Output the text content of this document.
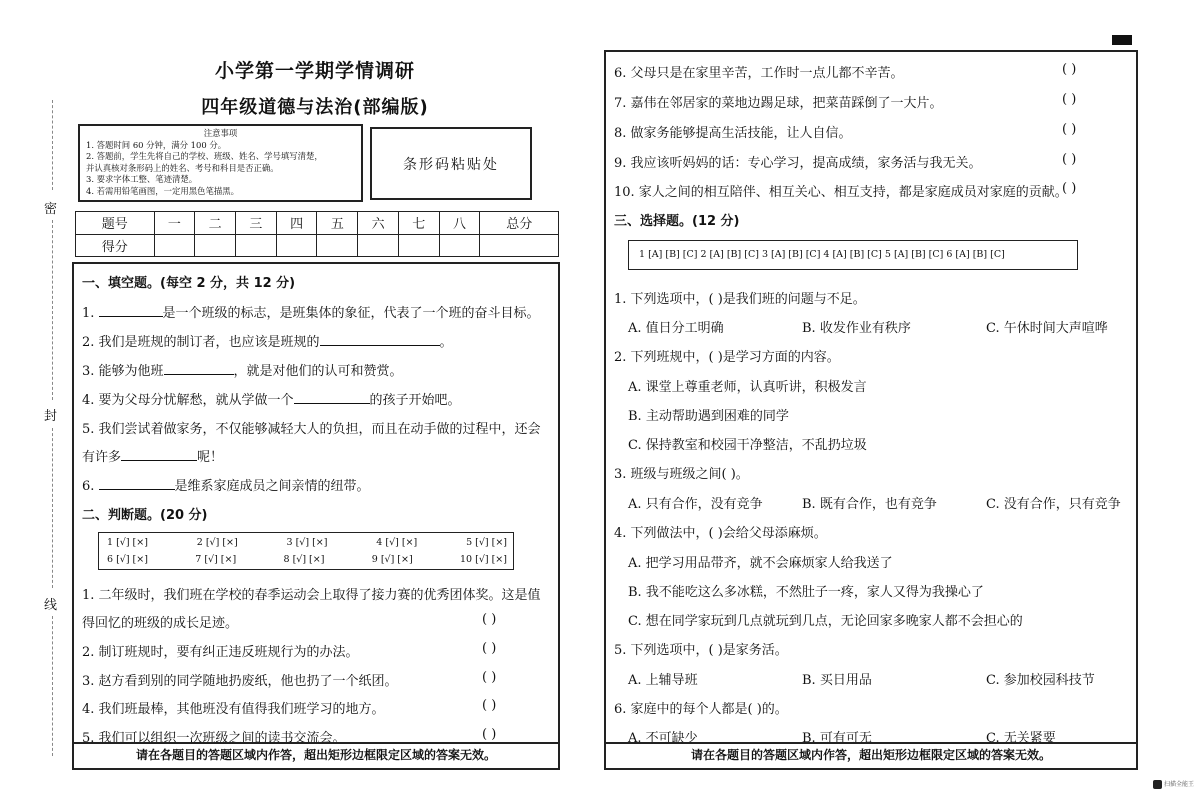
小学第一学期学情调研
四年级道德与法治(部编版)
密
封
线
注意事项
1. 答题时间 60 分钟，满分 100 分。
2. 答题前，学生先将自己的学校、班级、姓名、学号填写清楚，
并认真核对条形码上的姓名、考号和科目是否正确。
3. 要求字体工整、笔迹清楚。
4. 若需用铅笔画图，一定用黑色笔描黑。
条形码粘贴处
题号	一	二	三	四	五	六	七	八	总分
得分									
一、填空题。(每空 2 分，共 12 分)
1.	是一个班级的标志，是班集体的象征，代表了一个班的奋斗目标。
2. 我们是班规的制订者，也应该是班规的	。
3. 能够为他班	，就是对他们的认可和赞赏。
4. 要为父母分忧解愁，就从学做一个	的孩子开始吧。
5. 我们尝试着做家务，不仅能够减轻大人的负担，而且在动手做的过程中，还会
有许多	呢！
6.	是维系家庭成员之间亲情的纽带。
二、判断题。(20 分)
1 [√] [×]	2 [√] [×]	3 [√] [×]	4 [√] [×]	5 [√] [×]
6 [√] [×]	7 [√] [×]	8 [√] [×]	9 [√] [×]	10 [√] [×]
1. 二年级时，我们班在学校的春季运动会上取得了接力赛的优秀团体奖。这是值
得回忆的班级的成长足迹。	( )
2. 制订班规时，要有纠正违反班规行为的办法。	( )
3. 赵方看到别的同学随地扔废纸，他也扔了一个纸团。	( )
4. 我们班最棒，其他班没有值得我们班学习的地方。	( )
5. 我们可以组织一次班级之间的读书交流会。	( )
请在各题目的答题区域内作答，超出矩形边框限定区域的答案无效。
6. 父母只是在家里辛苦，工作时一点儿都不辛苦。	( )
7. 嘉伟在邻居家的菜地边踢足球，把菜苗踩倒了一大片。	( )
8. 做家务能够提高生活技能，让人自信。	( )
9. 我应该听妈妈的话：专心学习，提高成绩，家务活与我无关。	( )
10. 家人之间的相互陪伴、相互关心、相互支持，都是家庭成员对家庭的贡献。
( )
三、选择题。(12 分)
1 [A] [B] [C] 2 [A] [B] [C] 3 [A] [B] [C] 4 [A] [B] [C] 5 [A] [B] [C] 6 [A] [B] [C]
1. 下列选项中，( )是我们班的问题与不足。
A. 值日分工明确	B. 收发作业有秩序	C. 午休时间大声喧哗
2. 下列班规中，( )是学习方面的内容。
A. 课堂上尊重老师，认真听讲，积极发言
B. 主动帮助遇到困难的同学
C. 保持教室和校园干净整洁，不乱扔垃圾
3. 班级与班级之间( )。
A. 只有合作，没有竞争	B. 既有合作，也有竞争	C. 没有合作，只有竞争
4. 下列做法中，( )会给父母添麻烦。
A. 把学习用品带齐，就不会麻烦家人给我送了
B. 我不能吃这么多冰糕，不然肚子一疼，家人又得为我操心了
C. 想在同学家玩到几点就玩到几点，无论回家多晚家人都不会担心的
5. 下列选项中，( )是家务活。
A. 上辅导班	B. 买日用品	C. 参加校园科技节
6. 家庭中的每个人都是( )的。
A. 不可缺少	B. 可有可无	C. 无关紧要
请在各题目的答题区域内作答，超出矩形边框限定区域的答案无效。
扫描全能王
